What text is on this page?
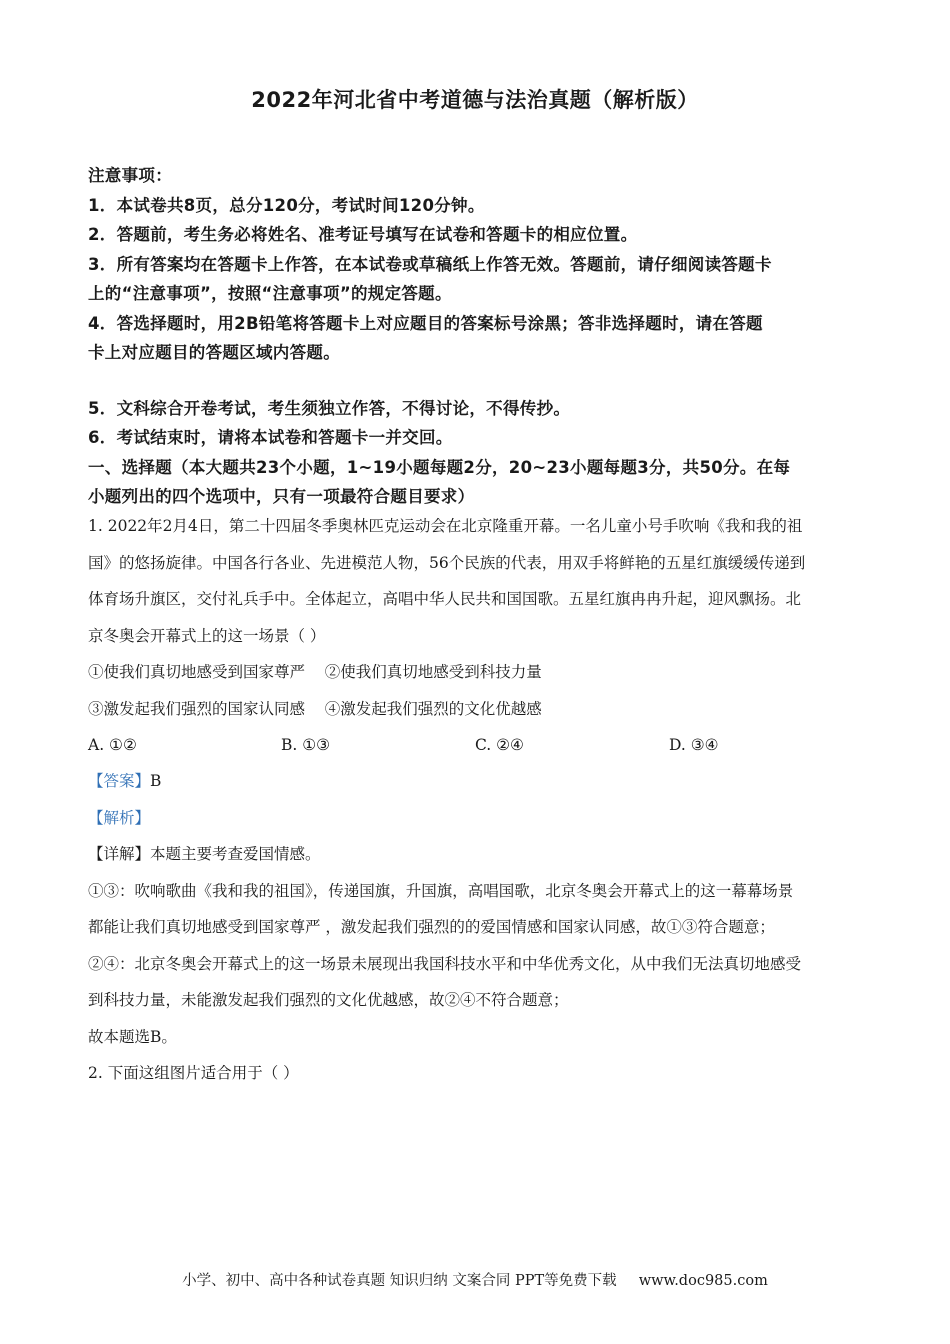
2022年河北省中考道德与法治真题（解析版）
注意事项：
1．本试卷共8页，总分120分，考试时间120分钟。
2．答题前，考生务必将姓名、准考证号填写在试卷和答题卡的相应位置。
3．所有答案均在答题卡上作答，在本试卷或草稿纸上作答无效。答题前，请仔细阅读答题卡
上的“注意事项”，按照“注意事项”的规定答题。
4．答选择题时，用2B铅笔将答题卡上对应题目的答案标号涂黑；答非选择题时，请在答题
卡上对应题目的答题区域内答题。
5．文科综合开卷考试，考生须独立作答，不得讨论，不得传抄。
6．考试结束时，请将本试卷和答题卡一并交回。
一、选择题（本大题共23个小题，1~19小题每题2分，20~23小题每题3分，共50分。在每
小题列出的四个选项中，只有一项最符合题目要求）
1. 2022年2月4日，第二十四届冬季奥林匹克运动会在北京隆重开幕。一名儿童小号手吹响《我和我的祖
国》的悠扬旋律。中国各行各业、先进模范人物，56个民族的代表，用双手将鲜艳的五星红旗缓缓传递到
体育场升旗区，交付礼兵手中。全体起立，高唱中华人民共和国国歌。五星红旗冉冉升起，迎风飘扬。北
京冬奥会开幕式上的这一场景（ ）
①使我们真切地感受到国家尊严    ②使我们真切地感受到科技力量
③激发起我们强烈的国家认同感    ④激发起我们强烈的文化优越感
A. ①②	B. ①③	C. ②④	D. ③④
【答案】B
【解析】
【详解】本题主要考查爱国情感。
①③：吹响歌曲《我和我的祖国》，传递国旗，升国旗，高唱国歌，北京冬奥会开幕式上的这一幕幕场景
都能让我们真切地感受到国家尊严 ，激发起我们强烈的的爱国情感和国家认同感，故①③符合题意；
②④：北京冬奥会开幕式上的这一场景未展现出我国科技水平和中华优秀文化，从中我们无法真切地感受
到科技力量，未能激发起我们强烈的文化优越感，故②④不符合题意；
故本题选B。
2. 下面这组图片适合用于（ ）
小学、初中、高中各种试卷真题 知识归纳 文案合同 PPT等免费下载 www.doc985.com
